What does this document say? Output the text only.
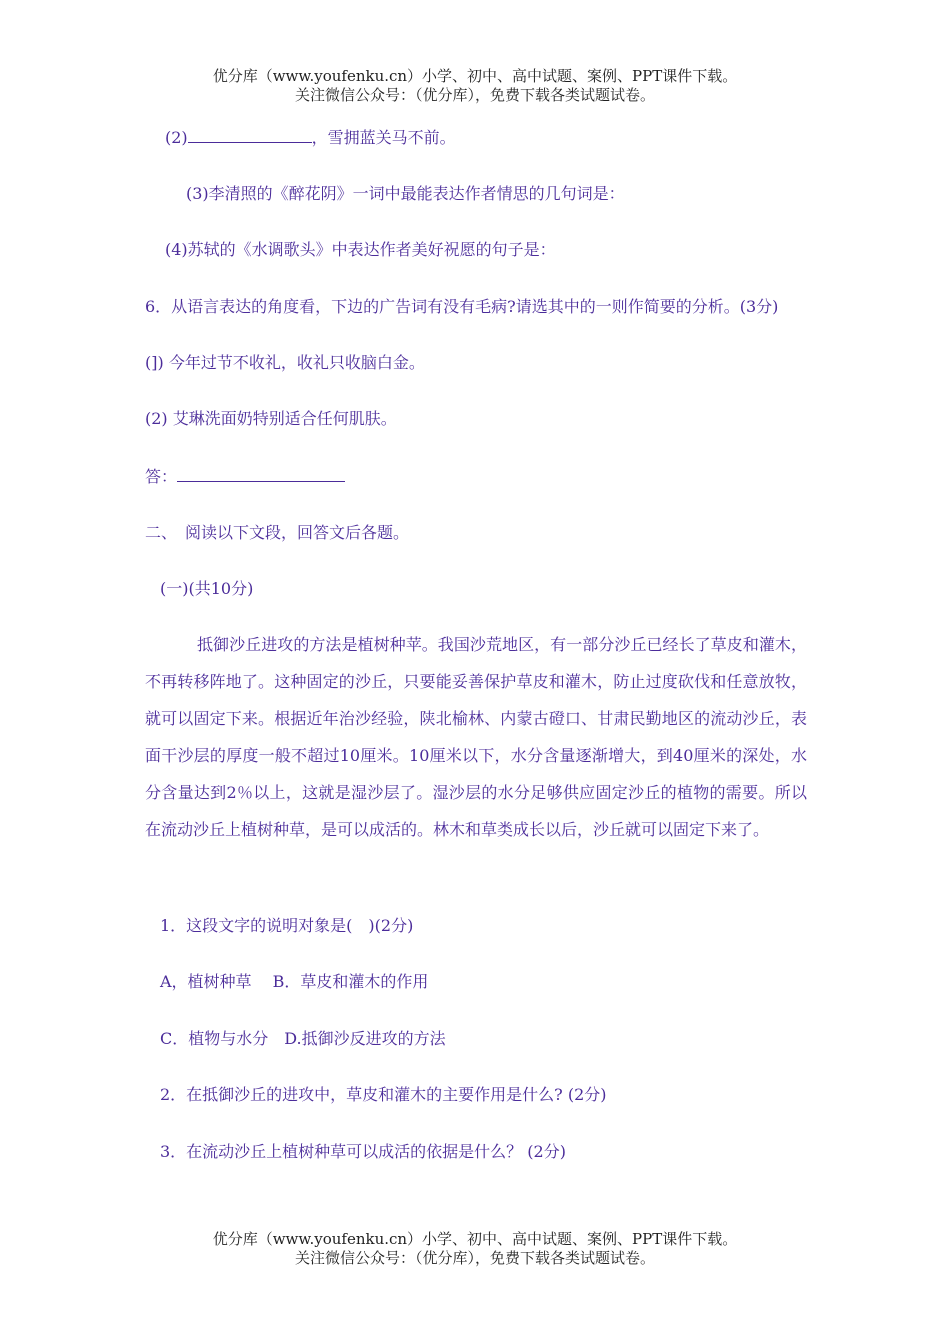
优分库（www.youfenku.cn）小学、初中、高中试题、案例、PPT课件下载。
关注微信公众号：（优分库），免费下载各类试题试卷。
(2)	，雪拥蓝关马不前。
(3)李清照的《醉花阴》一词中最能表达作者情思的几句词是：
(4)苏轼的《水调歌头》中表达作者美好祝愿的句子是：
6．从语言表达的角度看，下边的广告词有没有毛病?请选其中的一则作简要的分析。(3分)
(]) 今年过节不收礼，收礼只收脑白金。
(2) 艾琳洗面奶特别适合任何肌肤。
答：
二、　阅读以下文段，回答文后各题。
(一)(共10分)
抵御沙丘进攻的方法是植树种苹。我国沙荒地区，有一部分沙丘已经长了草皮和灌木，不再转移阵地了。这种固定的沙丘，只要能妥善保护草皮和灌木，防止过度砍伐和任意放牧，就可以固定下来。根据近年治沙经验，陕北榆林、内蒙古磴口、甘肃民勤地区的流动沙丘，表面干沙层的厚度一般不超过10厘米。10厘米以下，水分含量逐渐增大，到40厘米的深处，水分含量达到2％以上，这就是湿沙层了。湿沙层的水分足够供应固定沙丘的植物的需要。所以在流动沙丘上植树种草，是可以成活的。林木和草类成长以后，沙丘就可以固定下来了。
1．这段文字的说明对象是(　)(2分)
A，植树种草　 B．草皮和灌木的作用
C．植物与水分　D.抵御沙反进攻的方法
2．在抵御沙丘的进攻中，草皮和灌木的主要作用是什么? (2分)
3．在流动沙丘上植树种草可以成活的依据是什么？ (2分)
优分库（www.youfenku.cn）小学、初中、高中试题、案例、PPT课件下载。
关注微信公众号：（优分库），免费下载各类试题试卷。
